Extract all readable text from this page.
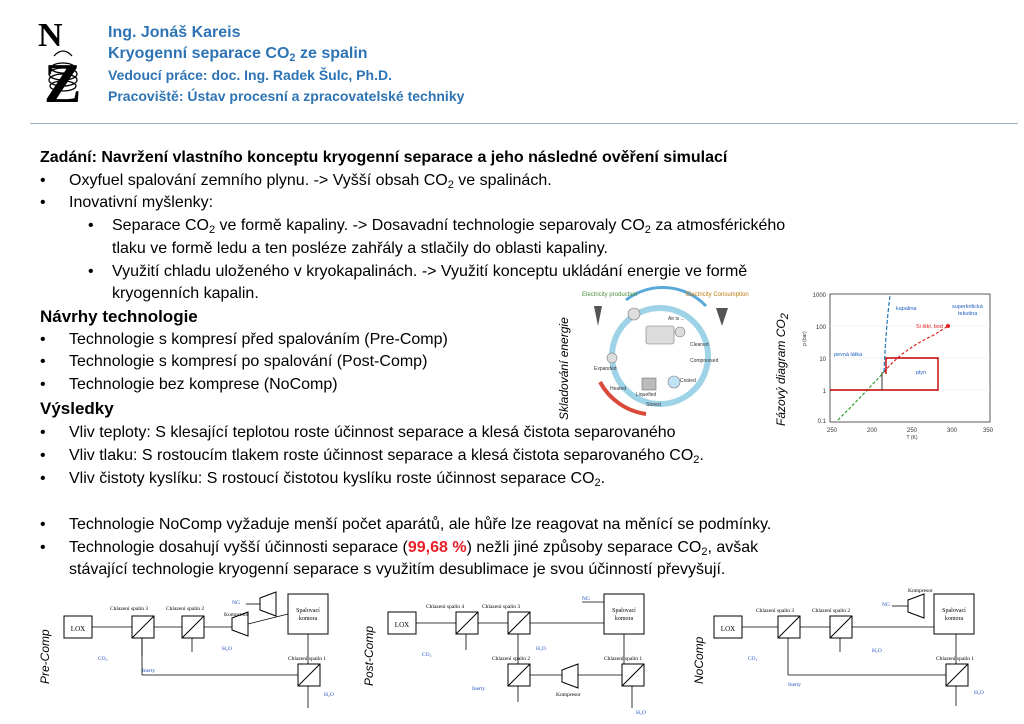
N
Z
Ing. Jonáš Kareis
Kryogenní separace $CO_2$ ze spalin
Vedoucí práce: doc. Ing. Radek Šulc, Ph.D.
Pracoviště: Ústav procesní a zpracovatelské techniky
Zadání: Navržení vlastního konceptu kryogenní separace a jeho následné ověření simulací
• Oxyfuel spalování zemního plynu. -> Vyšší obsah $CO_2$ ve spalinách.
• Inovativní myšlenky:
• Separace $CO_2$ ve formě kapaliny. -> Dosavadní technologie separovaly $CO_2$ za atmosférického
tlaku ve formě ledu a ten posléze zahřály a stlačily do oblasti kapaliny.
• Využití chladu uloženého v kryokapalinách. -> Využití konceptu ukládání energie ve formě
kryogenních kapalin.
Návrhy technologie
• Technologie s kompresí před spalováním (Pre-Comp)
• Technologie s kompresí po spalování (Post-Comp)
• Technologie bez komprese (NoComp)
Výsledky
• Vliv teploty: S klesající teplotou roste účinnost separace a klesá čistota separovaného
• Vliv tlaku: S rostoucím tlakem roste účinnost separace a klesá čistota separovaného $CO_2$.
• Vliv čistoty kyslíku: S rostoucí čistotou kyslíku roste účinnost separace $CO_2$.
• Technologie NoComp vyžaduje menší počet aparátů, ale hůře lze reagovat na měnící se podmínky.
• Technologie dosahují vyšší účinnosti separace (99,68 %) nežli jiné způsoby separace $CO_2$, avšak
stávající technologie kryogenní separace s využitím desublimace je svou účinností převyšují.
Skladování energie
Electricity production	Electricity Consumption
Air is ...
Cleaned
Compressed
Cooled
Liquefied
Stored
Expanded
Heated	Fázový diagram $CO_2$
1000
100
10
1
0.1
250	200	250	300	350
T (K)
p (bar)
kapalina	superkritická
tekutina
pevná látka
plyn
Si štkl. bod
Pre-Comp	Post-Comp	NoComp
LOX
Spalovací
komora
Chlazení spalin 3	Chlazení spalin 2
Chlazení spalin 1
NG
Kompresor
CO₂
Inerty
H₂O
H₂O
LOX
Spalovací
komora
Chlazení spalin 4	Chlazení spalin 3
Chlazení spalin 2	Chlazení spalin 1
NG
Kompresor
CO₂
Inerty
H₂O
H₂O
LOX
Spalovací
komora
Chlazení spalin 3	Chlazení spalin 2
Chlazení spalin 1
NG
Kompresor
CO₂
Inerty
H₂O
H₂O
